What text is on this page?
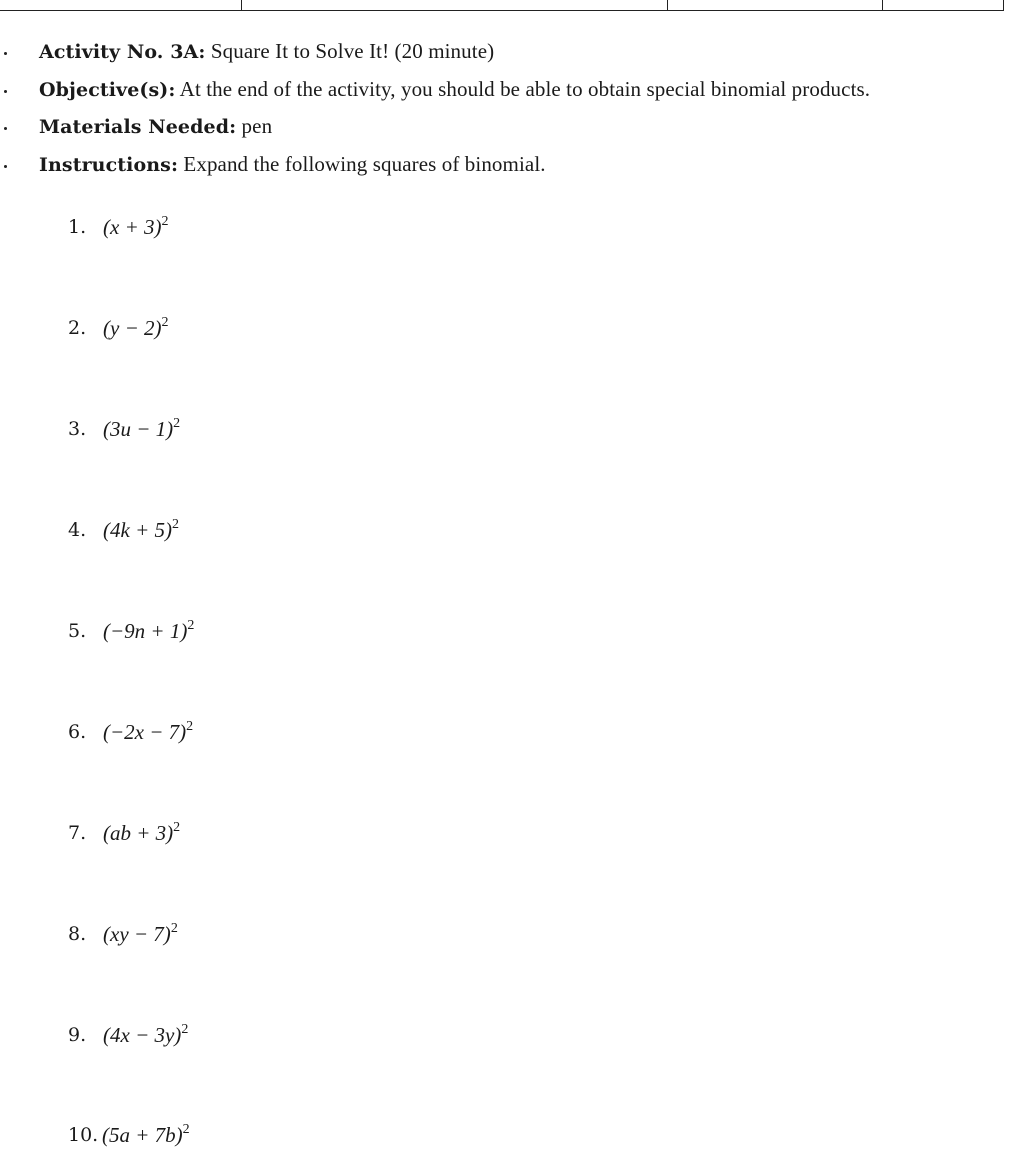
Activity No. 3A: Square It to Solve It! (20 minute)
Objective(s): At the end of the activity, you should be able to obtain special binomial products.
Materials Needed: pen
Instructions: Expand the following squares of binomial.
1. $(x + 3)^2$
2. $(y - 2)^2$
3. $(3u - 1)^2$
4. $(4k + 5)^2$
5. $(-9n + 1)^2$
6. $(-2x - 7)^2$
7. (ab + 3)$^2$
8. (xy − 7)$^2$
9. $(4x - 3y)^2$
10. $(5a + 7b)^2$
